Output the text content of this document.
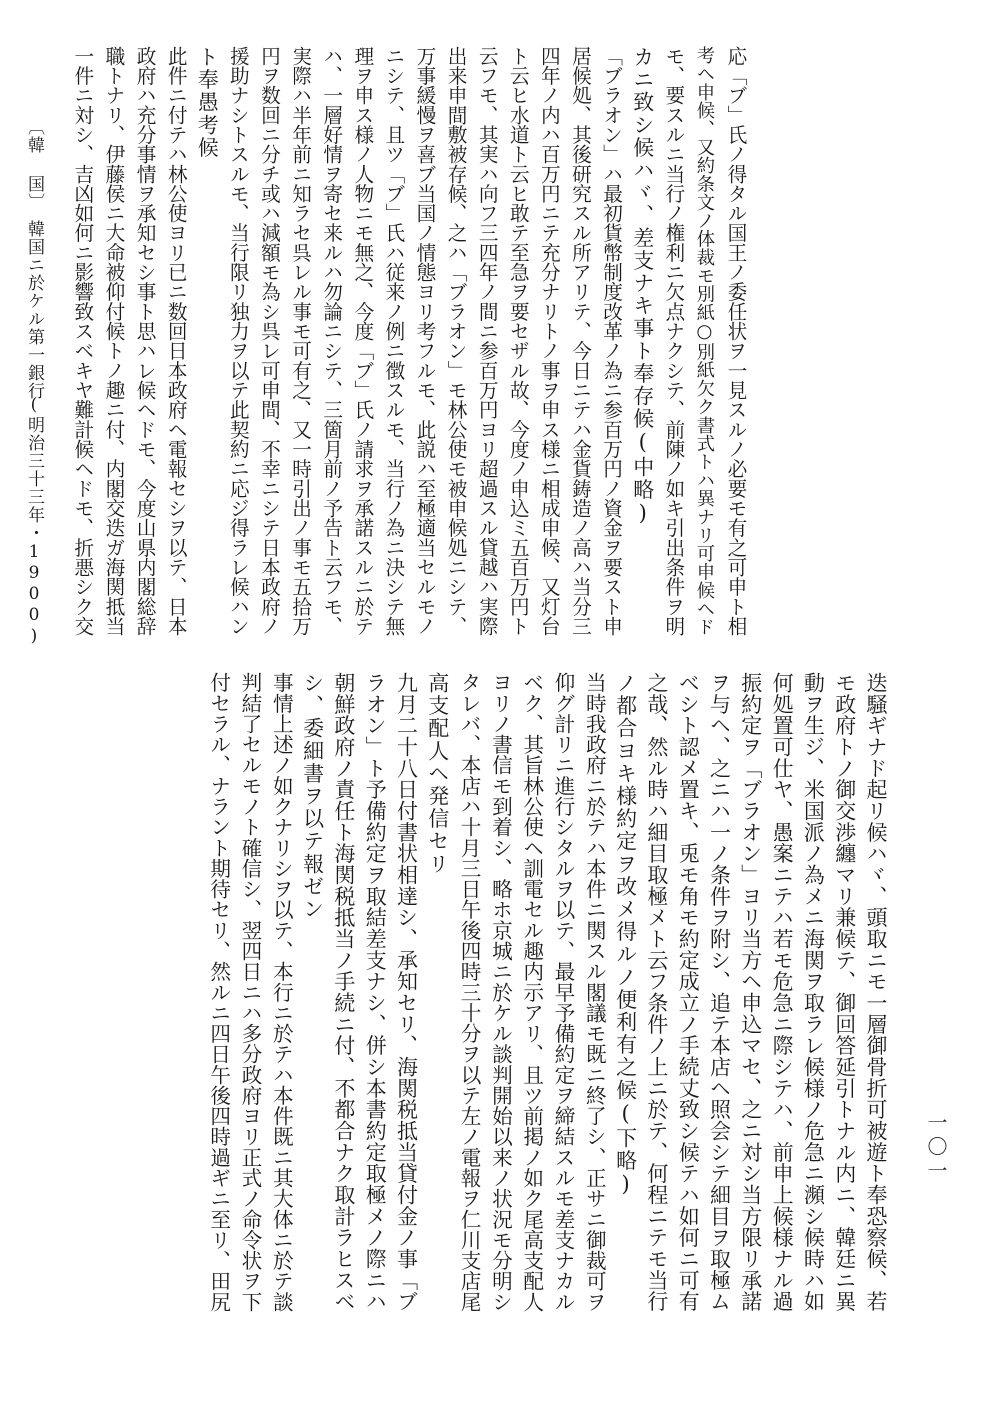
応「ブ」氏ノ得タル国王ノ委任状ヲ一見スルノ必要モ有之可申ト相
考ヘ申候、又約条文ノ体裁モ別紙○別紙欠ク書式トハ異ナリ可申候ヘド
モ、要スルニ当行ノ権利ニ欠点ナクシテ、前陳ノ如キ引出条件ヲ明
カニ致シ候ハヾ、差支ナキ事ト奉存候(中略)
「ブラオン」ハ最初貨幣制度改革ノ為ニ参百万円ノ資金ヲ要スト申
居候処、其後研究スル所アリテ、今日ニテハ金貨鋳造ノ高ハ当分三
四年ノ内ハ百万円ニテ充分ナリトノ事ヲ申ス様ニ相成申候、又灯台
ト云ヒ水道ト云ヒ敢テ至急ヲ要セザル故、今度ノ申込ミ五百万円ト
云フモ、其実ハ向フ三四年ノ間ニ参百万円ヨリ超過スル貸越ハ実際
出来申間敷被存候、之ハ「ブラオン」モ林公使モ被申候処ニシテ、
万事緩慢ヲ喜ブ当国ノ情態ヨリ考フルモ、此説ハ至極適当セルモノ
ニシテ、且ツ「ブ」氏ハ従来ノ例ニ徴スルモ、当行ノ為ニ決シテ無
理ヲ申ス様ノ人物ニモ無之、今度「ブ」氏ノ請求ヲ承諾スルニ於テ
ハ、一層好情ヲ寄セ来ルハ勿論ニシテ、三箇月前ノ予告ト云フモ、
実際ハ半年前ニ知ラセ呉レル事モ可有之、又一時引出ノ事モ五拾万
円ヲ数回ニ分チ或ハ減額モ為シ呉レ可申間、不幸ニシテ日本政府ノ
援助ナシトスルモ、当行限リ独力ヲ以テ此契約ニ応ジ得ラレ候ハン
ト奉愚考候
此件ニ付テハ林公使ヨリ已ニ数回日本政府ヘ電報セシヲ以テ、日本
政府ハ充分事情ヲ承知セシ事ト思ハレ候ヘドモ、今度山県内閣総辞
職トナリ、伊藤侯ニ大命被仰付候トノ趣ニ付、内閣交迭ガ海関抵当
一件ニ対シ、吉凶如何ニ影響致スベキヤ難計候ヘドモ、折悪シク交
迭騒ギナド起リ候ハヾ、頭取ニモ一層御骨折可被遊ト奉恐察候、若
モ政府トノ御交渉纏マリ兼候テ、御回答延引トナル内ニ、韓廷ニ異
動ヲ生ジ、米国派ノ為メニ海関ヲ取ラレ候様ノ危急ニ瀕シ候時ハ如
何処置可仕ヤ、愚案ニテハ若モ危急ニ際シテハ、前申上候様ナル過
振約定ヲ「ブラオン」ヨリ当方ヘ申込マセ、之ニ対シ当方限リ承諾
ヲ与ヘ、之ニハ一ノ条件ヲ附シ、追テ本店ヘ照会シテ細目ヲ取極ム
ベシト認メ置キ、兎モ角モ約定成立ノ手続丈致シ候テハ如何ニ可有
之哉、然ル時ハ細目取極メト云フ条件ノ上ニ於テ、何程ニテモ当行
ノ都合ヨキ様約定ヲ改メ得ルノ便利有之候(下略)
当時我政府ニ於テハ本件ニ関スル閣議モ既ニ終了シ、正サニ御裁可ヲ
仰グ計リニ進行シタルヲ以テ、最早予備約定ヲ締結スルモ差支ナカル
ベク、其旨林公使ヘ訓電セル趣内示アリ、且ツ前掲ノ如ク尾高支配人
ヨリノ書信モ到着シ、略ホ京城ニ於ケル談判開始以来ノ状況モ分明シ
タレバ、本店ハ十月三日午後四時三十分ヲ以テ左ノ電報ヲ仁川支店尾
高支配人ヘ発信セリ
九月二十八日付書状相達シ、承知セリ、海関税抵当貸付金ノ事「ブ
ラオン」ト予備約定ヲ取結差支ナシ、併シ本書約定取極メノ際ニハ
朝鮮政府ノ責任ト海関税抵当ノ手続ニ付、不都合ナク取計ラヒスベ
シ、委細書ヲ以テ報ゼン
事情上述ノ如クナリシヲ以テ、本行ニ於テハ本件既ニ其大体ニ於テ談
判結了セルモノト確信シ、翌四日ニハ多分政府ヨリ正式ノ命令状ヲ下
付セラル、ナラント期待セリ、然ルニ四日午後四時過ギニ至リ、田尻
〔韓 国〕
韓国ニ於ケル第一銀行
(明治三十三年・1900)
一〇一
